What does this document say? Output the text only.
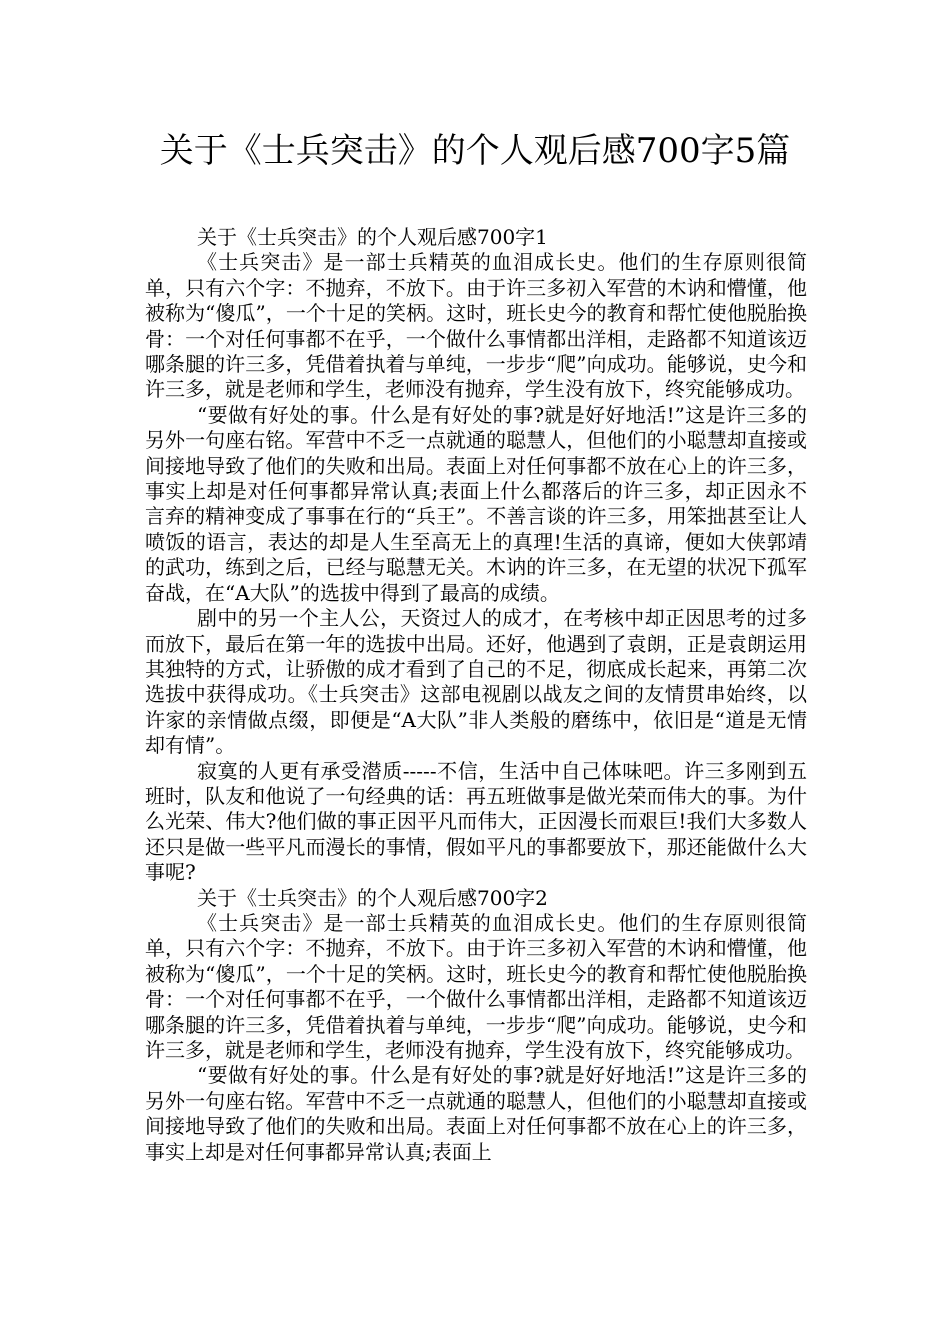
关于《士兵突击》的个人观后感700字5篇

关于《士兵突击》的个人观后感700字1

《士兵突击》是一部士兵精英的血泪成长史。他们的生存原则很简单，只有六个字：不抛弃，不放下。由于许三多初入军营的木讷和懵懂，他被称为“傻瓜”，一个十足的笑柄。这时，班长史今的教育和帮忙使他脱胎换骨：一个对任何事都不在乎，一个做什么事情都出洋相，走路都不知道该迈哪条腿的许三多，凭借着执着与单纯，一步步“爬”向成功。能够说，史今和许三多，就是老师和学生，老师没有抛弃，学生没有放下，终究能够成功。

“要做有好处的事。什么是有好处的事?就是好好地活!”这是许三多的另外一句座右铭。军营中不乏一点就通的聪慧人，但他们的小聪慧却直接或间接地导致了他们的失败和出局。表面上对任何事都不放在心上的许三多，事实上却是对任何事都异常认真;表面上什么都落后的许三多，却正因永不言弃的精神变成了事事在行的“兵王”。不善言谈的许三多，用笨拙甚至让人喷饭的语言，表达的却是人生至高无上的真理!生活的真谛，便如大侠郭靖的武功，练到之后，已经与聪慧无关。木讷的许三多，在无望的状况下孤军奋战，在“A大队”的选拔中得到了最高的成绩。

剧中的另一个主人公，天资过人的成才，在考核中却正因思考的过多而放下，最后在第一年的选拔中出局。还好，他遇到了袁朗，正是袁朗运用其独特的方式，让骄傲的成才看到了自己的不足，彻底成长起来，再第二次选拔中获得成功。《士兵突击》这部电视剧以战友之间的友情贯串始终，以许家的亲情做点缀，即便是“A大队”非人类般的磨练中，依旧是“道是无情却有情”。

寂寞的人更有承受潜质-----不信，生活中自己体味吧。许三多刚到五班时，队友和他说了一句经典的话：再五班做事是做光荣而伟大的事。为什么光荣、伟大?他们做的事正因平凡而伟大，正因漫长而艰巨!我们大多数人还只是做一些平凡而漫长的事情，假如平凡的事都要放下，那还能做什么大事呢?

关于《士兵突击》的个人观后感700字2

《士兵突击》是一部士兵精英的血泪成长史。他们的生存原则很简单，只有六个字：不抛弃，不放下。由于许三多初入军营的木讷和懵懂，他被称为“傻瓜”，一个十足的笑柄。这时，班长史今的教育和帮忙使他脱胎换骨：一个对任何事都不在乎，一个做什么事情都出洋相，走路都不知道该迈哪条腿的许三多，凭借着执着与单纯，一步步“爬”向成功。能够说，史今和许三多，就是老师和学生，老师没有抛弃，学生没有放下，终究能够成功。

“要做有好处的事。什么是有好处的事?就是好好地活!”这是许三多的另外一句座右铭。军营中不乏一点就通的聪慧人，但他们的小聪慧却直接或间接地导致了他们的失败和出局。表面上对任何事都不放在心上的许三多，事实上却是对任何事都异常认真;表面上
